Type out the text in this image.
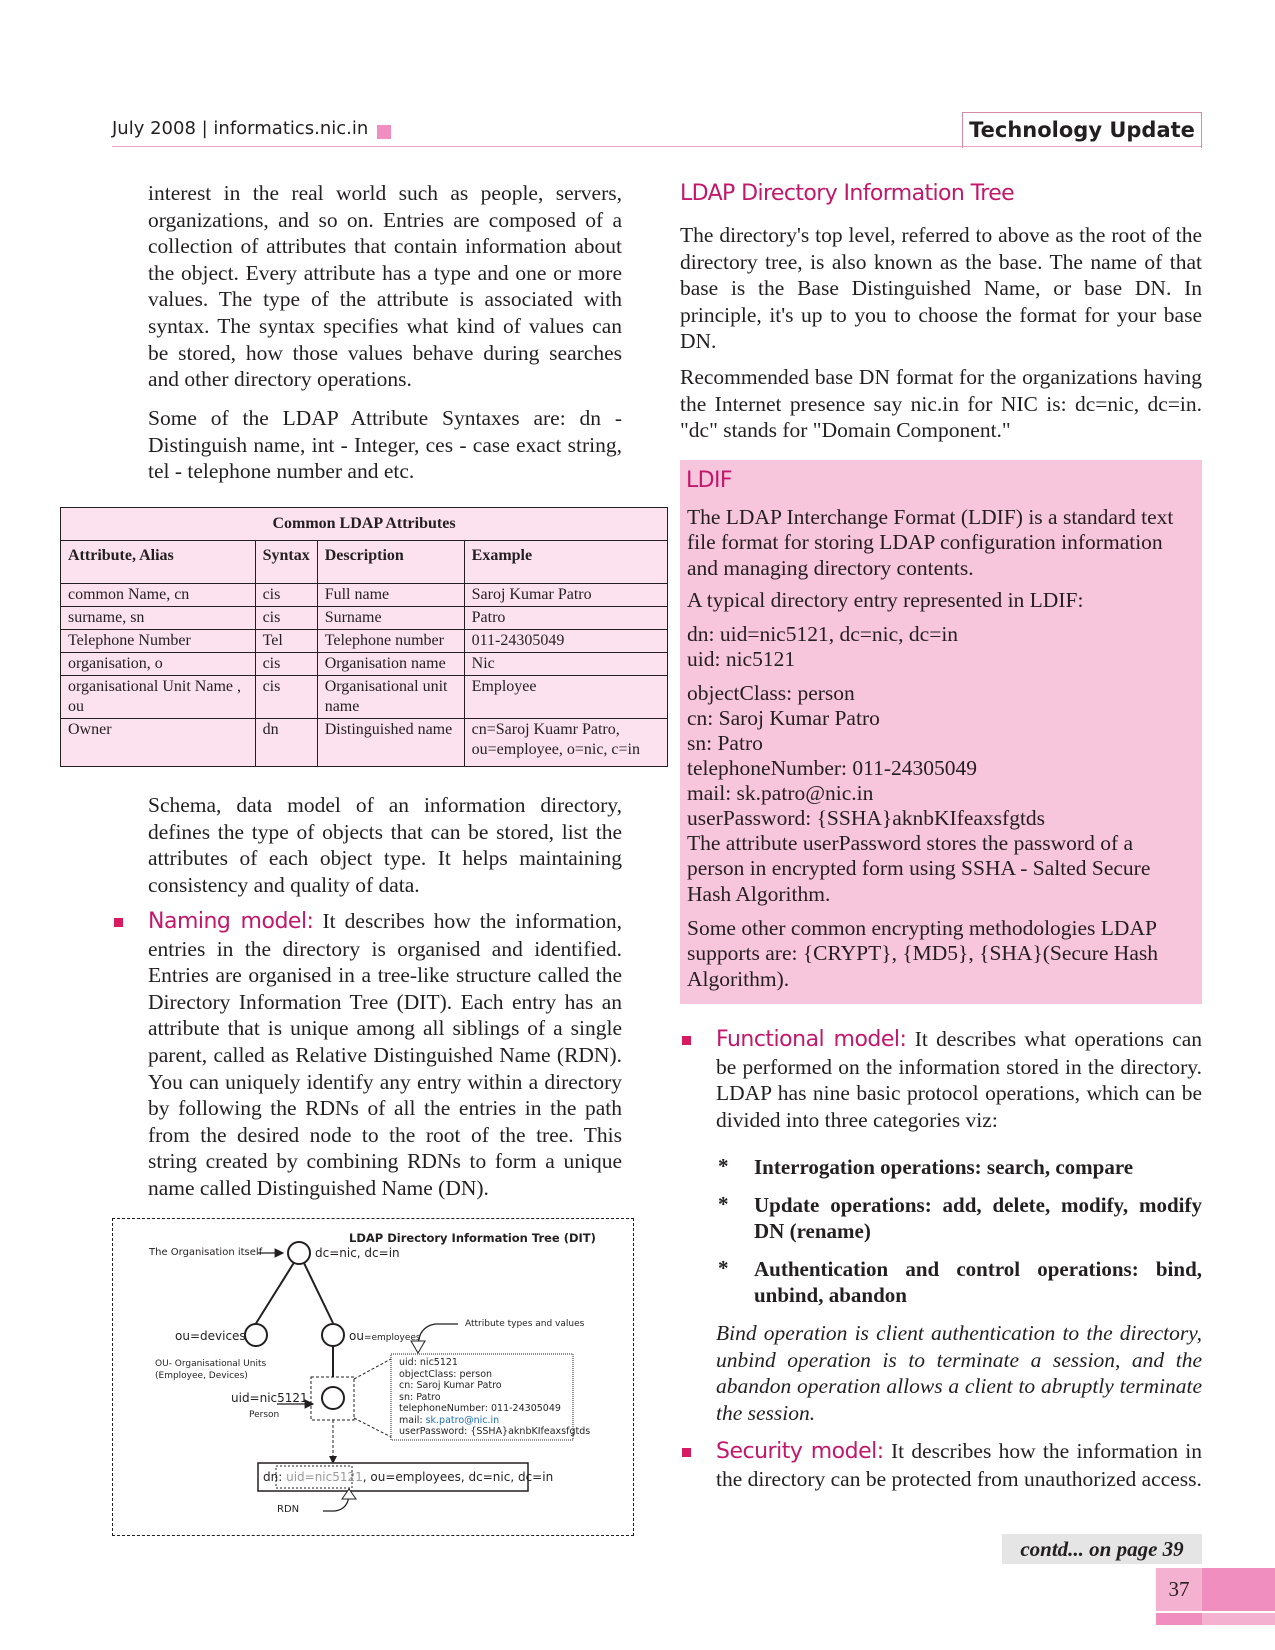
July 2008 | informatics.nic.in	Technology Update
interest in the real world such as people, servers, organizations, and so on. Entries are composed of a collection of attributes that contain information about the object. Every attribute has a type and one or more values. The type of the attribute is associated with syntax. The syntax specifies what kind of values can be stored, how those values behave during searches and other directory operations.
Some of the LDAP Attribute Syntaxes are: dn - Distinguish name, int - Integer, ces - case exact string, tel - telephone number and etc.
Common LDAP Attributes			
Attribute, Alias	Syntax	Description	Example
common Name, cn	cis	Full name	Saroj Kumar Patro
surname, sn	cis	Surname	Patro
Telephone Number	Tel	Telephone number	011-24305049
organisation, o	cis	Organisation name	Nic
organisational Unit Name , ou	cis	Organisational unit name	Employee
Owner	dn	Distinguished name	cn=Saroj Kuamr Patro, ou=employee, o=nic, c=in
Schema, data model of an information directory, defines the type of objects that can be stored, list the attributes of each object type. It helps maintaining consistency and quality of data.
Naming model: It describes how the information, entries in the directory is organised and identified. Entries are organised in a tree-like structure called the Directory Information Tree (DIT). Each entry has an attribute that is unique among all siblings of a single parent, called as Relative Distinguished Name (RDN). You can uniquely identify any entry within a directory by following the RDNs of all the entries in the path from the desired node to the root of the tree. This string created by combining RDNs to form a unique name called Distinguished Name (DN).
LDAP Directory Information Tree (DIT)
The Organisation itself	dc=nic, dc=in
ou=devices	ou=employees
Attribute types and values
OU- Organisational Units
(Employee, Devices)
uid=nic5121
Person
uid: nic5121
objectClass: person
cn: Saroj Kumar Patro
sn: Patro
telephoneNumber: 011-24305049
mail: sk.patro@nic.in
userPassword: {SSHA}aknbKIfeaxsfgtds
dn: uid=nic5121, ou=employees, dc=nic, dc=in
RDN
LDAP Directory Information Tree
The directory's top level, referred to above as the root of the directory tree, is also known as the base. The name of that base is the Base Distinguished Name, or base DN. In principle, it's up to you to choose the format for your base DN.
Recommended base DN format for the organizations having the Internet presence say nic.in for NIC is: dc=nic, dc=in. "dc" stands for "Domain Component."
LDIF
The LDAP Interchange Format (LDIF) is a standard text file format for storing LDAP configuration information and managing directory contents.
A typical directory entry represented in LDIF:
dn: uid=nic5121, dc=nic, dc=in
uid: nic5121
objectClass: person
cn: Saroj Kumar Patro
sn: Patro
telephoneNumber: 011-24305049
mail: sk.patro@nic.in
userPassword: {SSHA}aknbKIfeaxsfgtds
The attribute userPassword stores the password of a person in encrypted form using SSHA - Salted Secure Hash Algorithm.
Some other common encrypting methodologies LDAP supports are: {CRYPT}, {MD5}, {SHA}(Secure Hash Algorithm).
Functional model: It describes what operations can be performed on the information stored in the directory. LDAP has nine basic protocol operations, which can be divided into three categories viz:
* Interrogation operations: search, compare
* Update operations: add, delete, modify, modify DN (rename)
* Authentication and control operations: bind, unbind, abandon
Bind operation is client authentication to the directory, unbind operation is to terminate a session, and the abandon operation allows a client to abruptly terminate the session.
Security model: It describes how the information in the directory can be protected from unauthorized access.
contd... on page 39
37
